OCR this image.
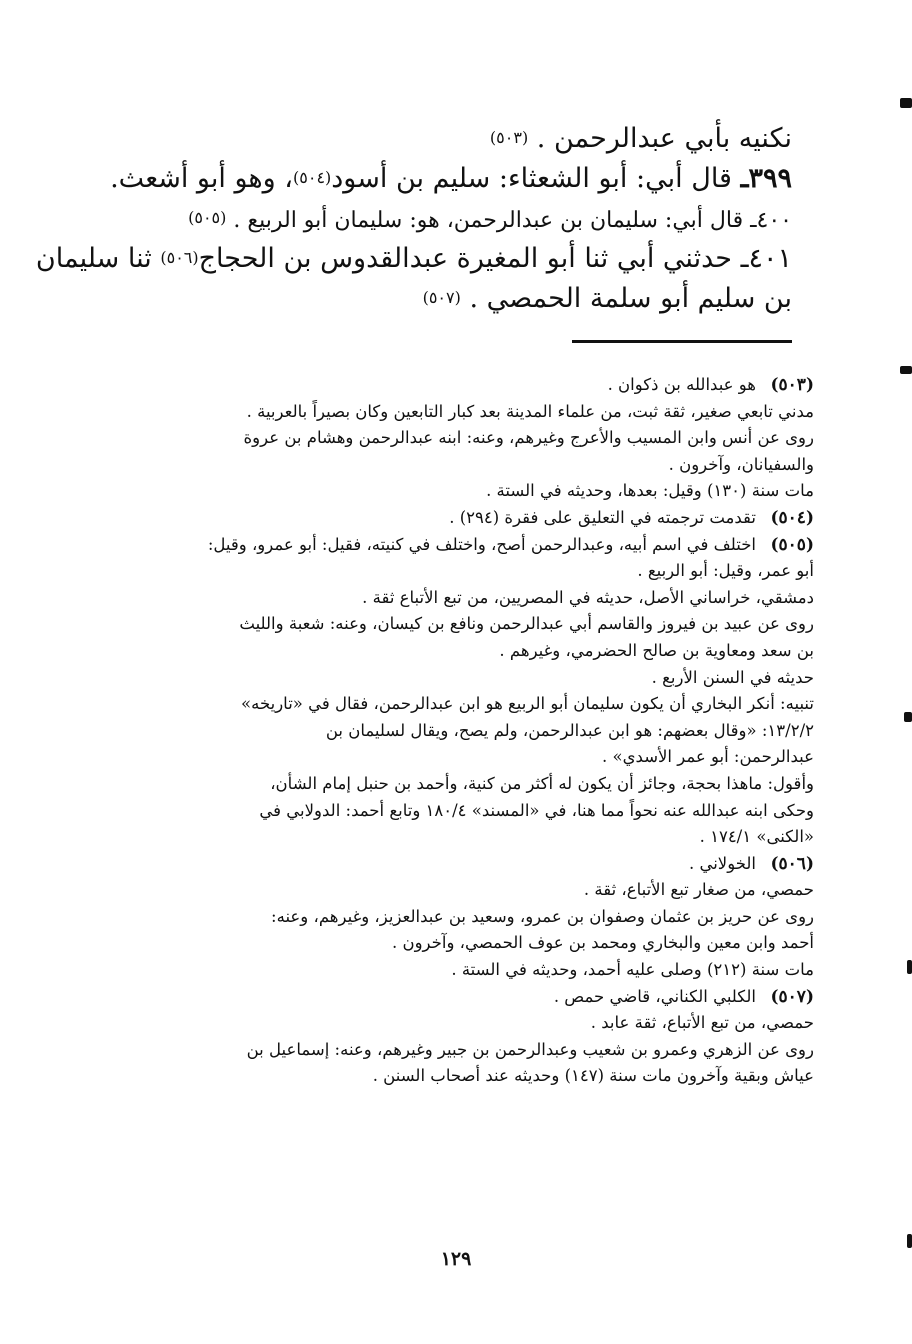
نكنيه بأبي عبدالرحمن . (٥٠٣)
٣٩٩ـ قال أبي: أبو الشعثاء: سليم بن أسود(٥٠٤)، وهو أبو أشعث.
٤٠٠ـ قال أبي: سليمان بن عبدالرحمن، هو: سليمان أبو الربيع . (٥٠٥)
٤٠١ـ حدثني أبي ثنا أبو المغيرة عبدالقدوس بن الحجاج(٥٠٦) ثنا سليمان
بن سليم أبو سلمة الحمصي . (٥٠٧)
(٥٠٣)
هو عبدالله بن ذكوان .
مدني تابعي صغير، ثقة ثبت، من علماء المدينة بعد كبار التابعين وكان بصيراً بالعربية .
روى عن أنس وابن المسيب والأعرج وغيرهم، وعنه: ابنه عبدالرحمن وهشام بن عروة
والسفيانان، وآخرون .
مات سنة (١٣٠) وقيل: بعدها، وحديثه في الستة .
(٥٠٤)
تقدمت ترجمته في التعليق على فقرة (٢٩٤) .
(٥٠٥)
اختلف في اسم أبيه، وعبدالرحمن أصح، واختلف في كنيته، فقيل: أبو عمرو، وقيل:
أبو عمر، وقيل: أبو الربيع .
دمشقي، خراساني الأصل، حديثه في المصريين، من تبع الأتباع ثقة .
روى عن عبيد بن فيروز والقاسم أبي عبدالرحمن ونافع بن كيسان، وعنه: شعبة والليث
بن سعد ومعاوية بن صالح الحضرمي، وغيرهم .
حديثه في السنن الأربع .
تنبيه: أنكر البخاري أن يكون سليمان أبو الربيع هو ابن عبدالرحمن، فقال في «تاريخه»
١٣/٢/٢: «وقال بعضهم: هو ابن عبدالرحمن، ولم يصح، ويقال لسليمان بن
عبدالرحمن: أبو عمر الأسدي» .
وأقول: ماهذا بحجة، وجائز أن يكون له أكثر من كنية، وأحمد بن حنبل إمام الشأن،
وحكى ابنه عبدالله عنه نحواً مما هنا، في «المسند» ١٨٠/٤ وتابع أحمد: الدولابي في
«الكنى» ١٧٤/١ .
(٥٠٦)
الخولاني .
حمصي، من صغار تبع الأتباع، ثقة .
روى عن حريز بن عثمان وصفوان بن عمرو، وسعيد بن عبدالعزيز، وغيرهم، وعنه:
أحمد وابن معين والبخاري ومحمد بن عوف الحمصي، وآخرون .
مات سنة (٢١٢) وصلى عليه أحمد، وحديثه في الستة .
(٥٠٧)
الكلبي الكناني، قاضي حمص .
حمصي، من تبع الأتباع، ثقة عابد .
روى عن الزهري وعمرو بن شعيب وعبدالرحمن بن جبير وغيرهم، وعنه: إسماعيل بن
عياش وبقية وآخرون مات سنة (١٤٧) وحديثه عند أصحاب السنن .
١٢٩
